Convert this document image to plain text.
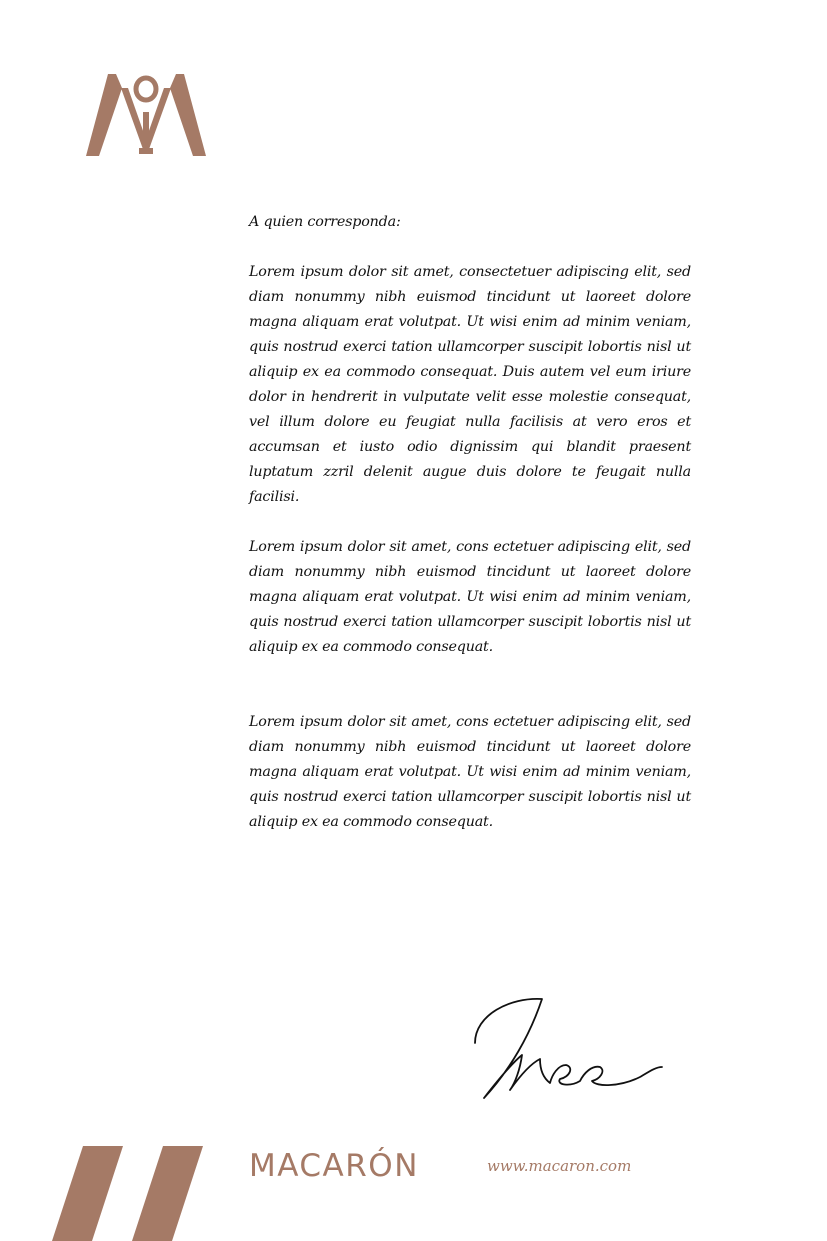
A quien corresponda:

Lorem ipsum dolor sit amet, consectetuer adipiscing elit, sed diam nonummy nibh euismod tincidunt ut laoreet dolore magna aliquam erat volutpat. Ut wisi enim ad minim veniam, quis nostrud exerci tation ullamcorper suscipit lobortis nisl ut aliquip ex ea commodo consequat. Duis autem vel eum iriure dolor in hendrerit in vulputate velit esse molestie consequat, vel illum dolore eu feugiat nulla facilisis at vero eros et accumsan et iusto odio dignissim qui blandit praesent luptatum zzril delenit augue duis dolore te feugait nulla facilisi.

Lorem ipsum dolor sit amet, cons ectetuer adipiscing elit, sed diam nonummy nibh euismod tincidunt ut laoreet dolore magna aliquam erat volutpat. Ut wisi enim ad minim veniam, quis nostrud exerci tation ullamcorper suscipit lobortis nisl ut aliquip ex ea commodo consequat.

Lorem ipsum dolor sit amet, cons ectetuer adipiscing elit, sed diam nonummy nibh euismod tincidunt ut laoreet dolore magna aliquam erat volutpat. Ut wisi enim ad minim veniam, quis nostrud exerci tation ullamcorper suscipit lobortis nisl ut aliquip ex ea commodo consequat.

MACARÓN	www.macaron.com
